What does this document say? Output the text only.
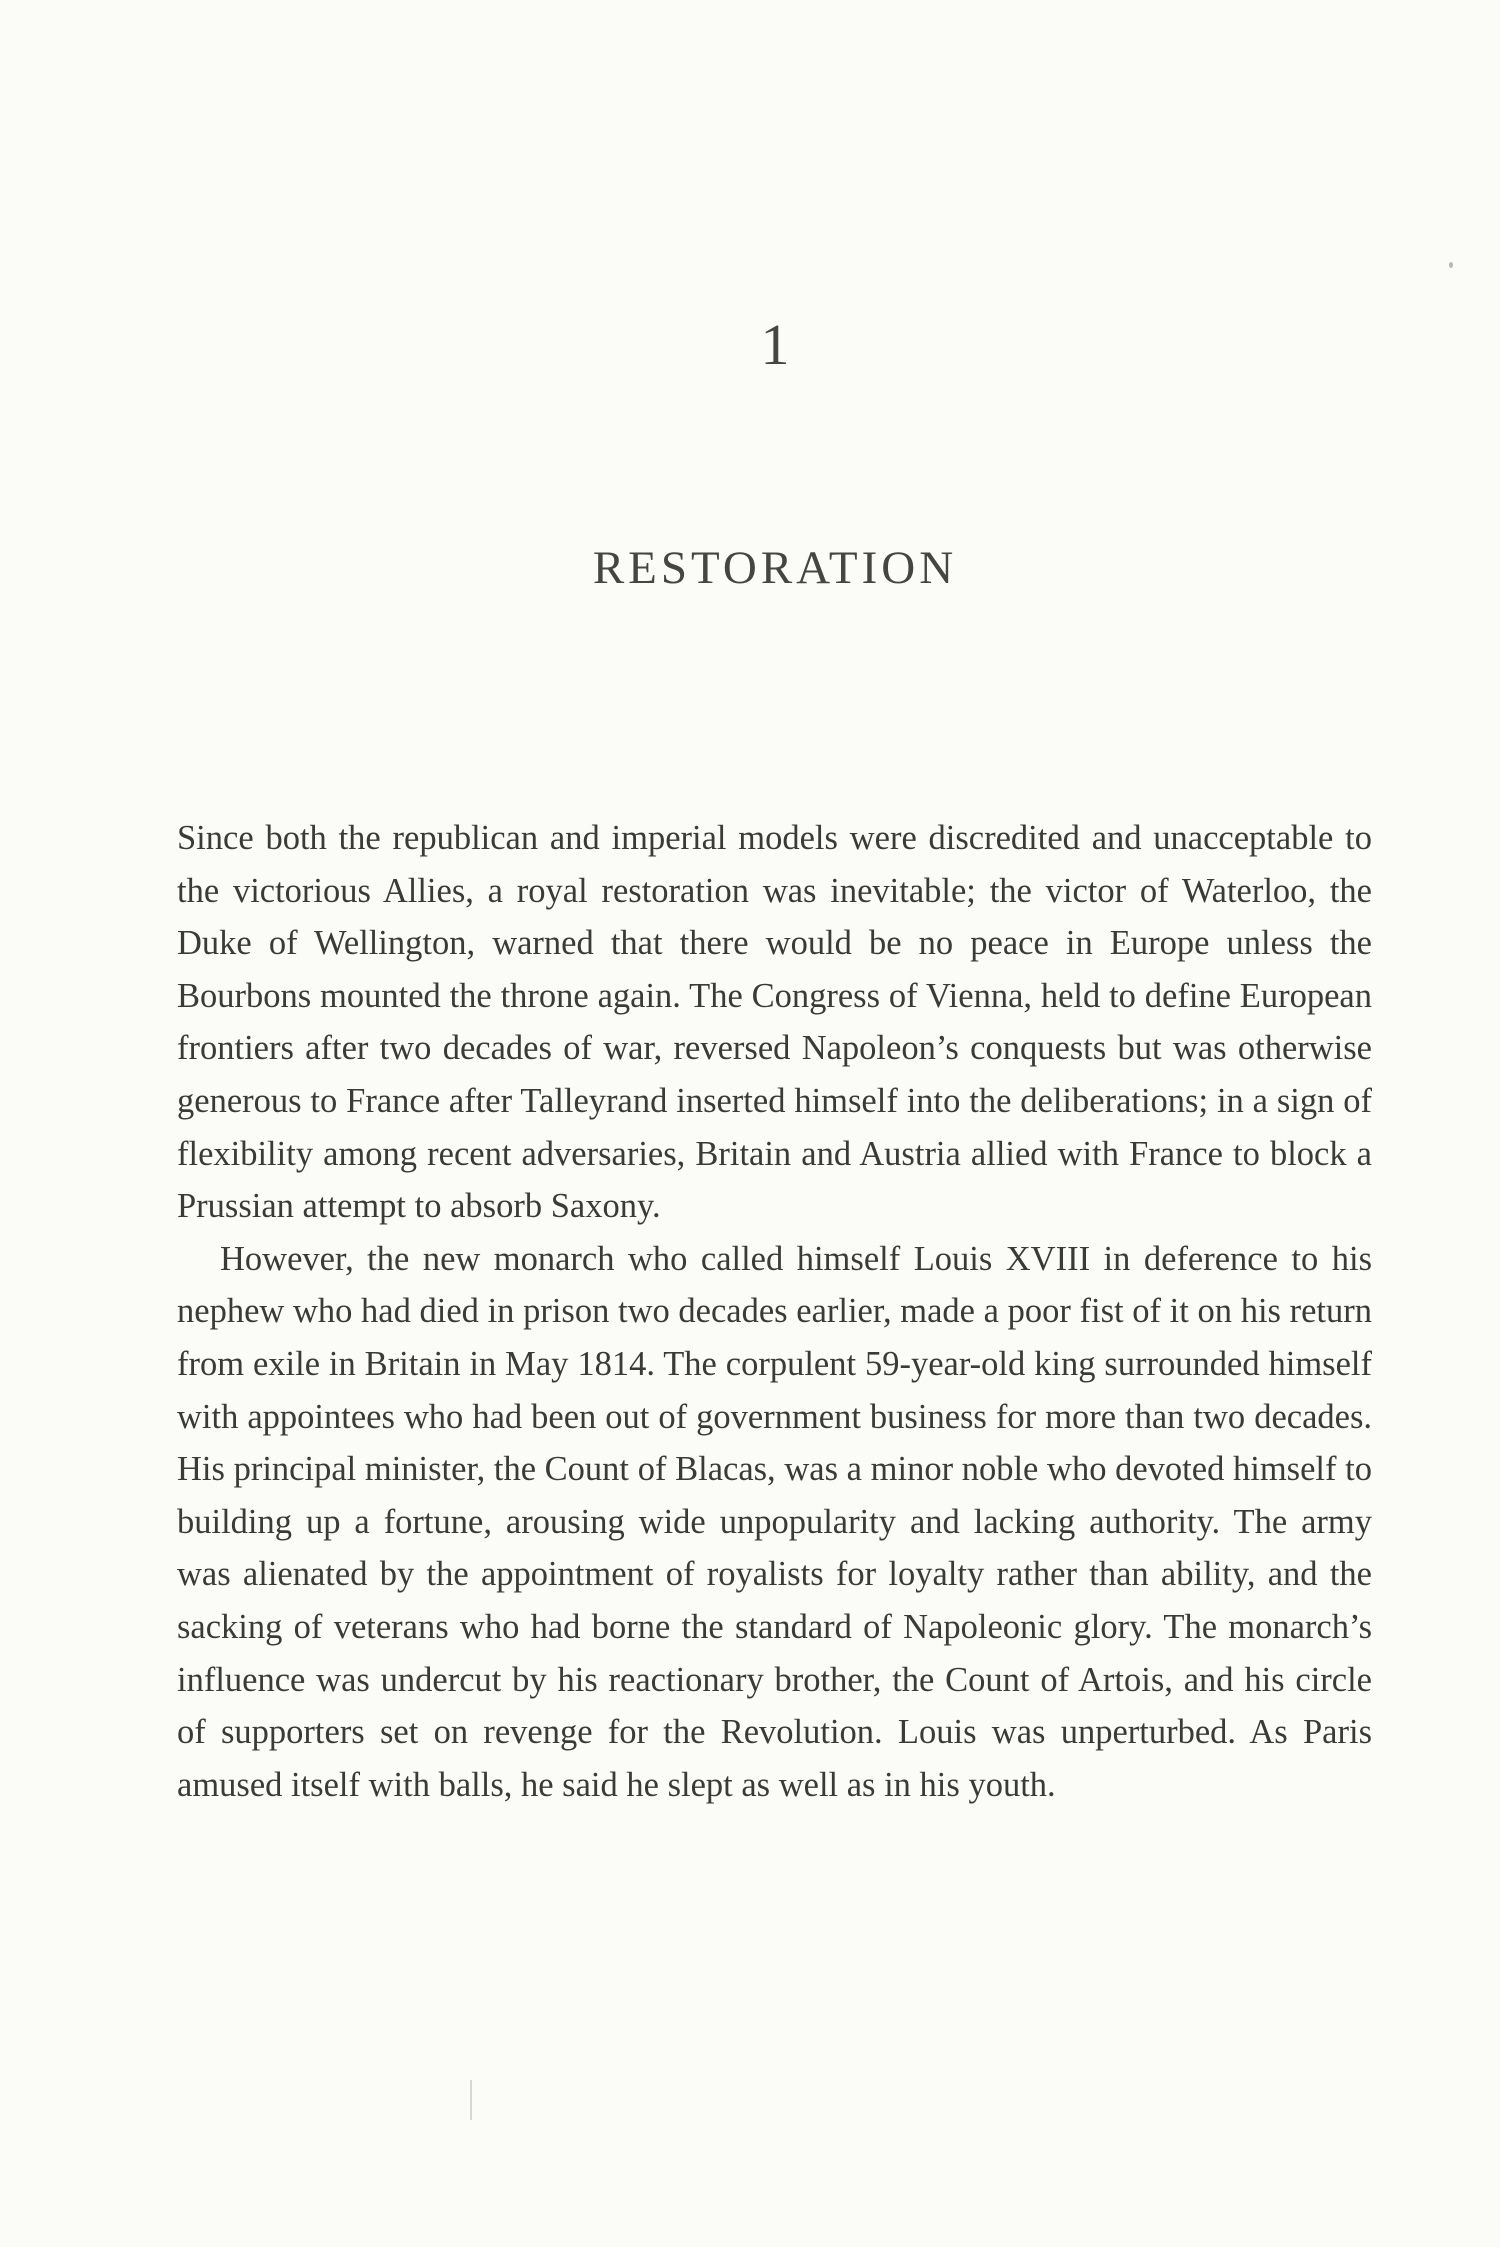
1
RESTORATION

Since both the republican and imperial models were discredited and unacceptable to the victorious Allies, a royal restoration was inevitable; the victor of Waterloo, the Duke of Wellington, warned that there would be no peace in Europe unless the Bourbons mounted the throne again. The Congress of Vienna, held to define European frontiers after two decades of war, reversed Napoleon’s conquests but was otherwise generous to France after Talleyrand inserted himself into the deliberations; in a sign of flexibility among recent adversaries, Britain and Austria allied with France to block a Prussian attempt to absorb Saxony.

However, the new monarch who called himself Louis XVIII in deference to his nephew who had died in prison two decades earlier, made a poor fist of it on his return from exile in Britain in May 1814. The corpulent 59-year-old king surrounded himself with appointees who had been out of government business for more than two decades. His principal minister, the Count of Blacas, was a minor noble who devoted himself to building up a fortune, arousing wide unpopularity and lacking authority. The army was alienated by the appointment of royalists for loyalty rather than ability, and the sacking of veterans who had borne the standard of Napoleonic glory. The monarch’s influence was undercut by his reactionary brother, the Count of Artois, and his circle of supporters set on revenge for the Revolution. Louis was unperturbed. As Paris amused itself with balls, he said he slept as well as in his youth.
